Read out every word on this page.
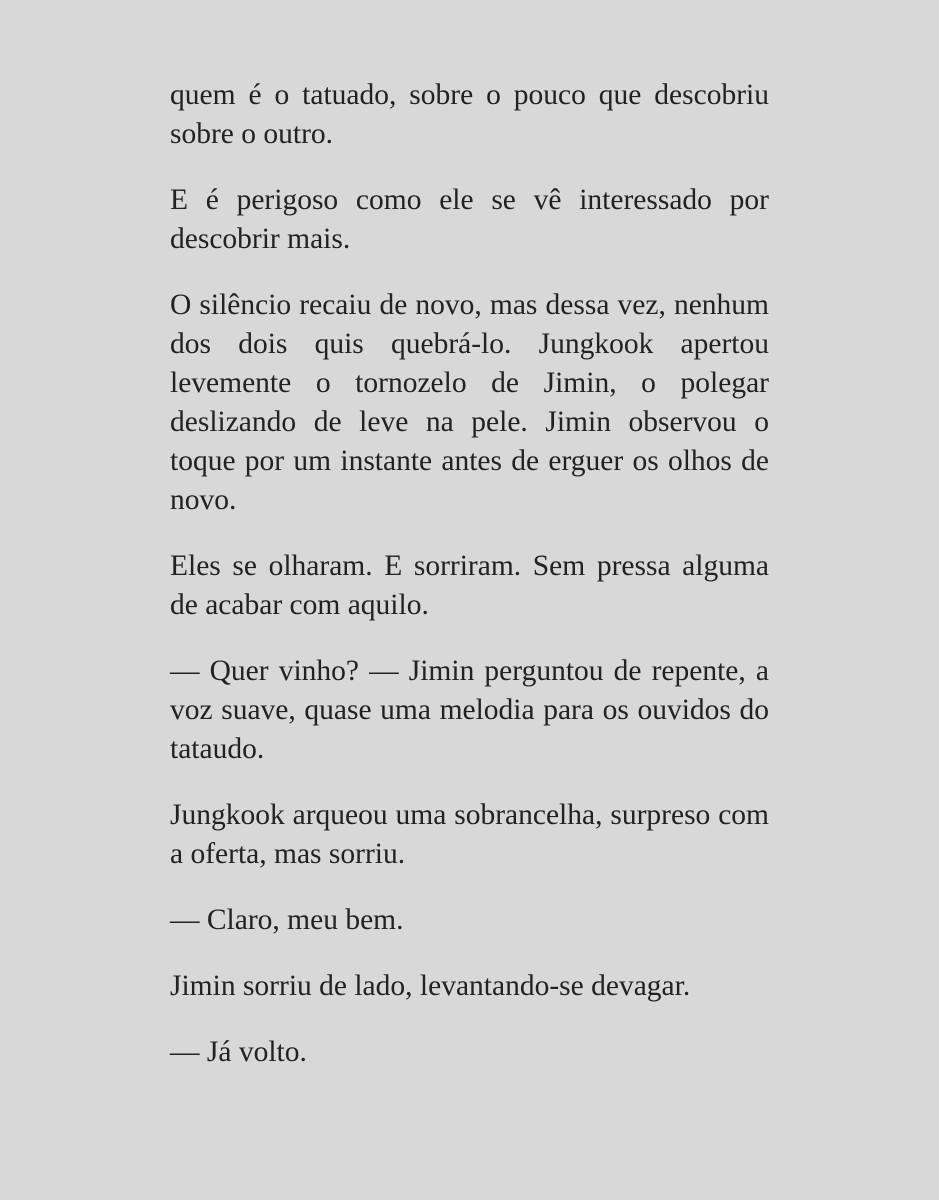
quem é o tatuado, sobre o pouco que descobriu sobre o outro.

E é perigoso como ele se vê interessado por descobrir mais.

O silêncio recaiu de novo, mas dessa vez, nenhum dos dois quis quebrá-lo. Jungkook apertou levemente o tornozelo de Jimin, o polegar deslizando de leve na pele. Jimin observou o toque por um instante antes de erguer os olhos de novo.

Eles se olharam. E sorriram. Sem pressa alguma de acabar com aquilo.

— Quer vinho? — Jimin perguntou de repente, a voz suave, quase uma melodia para os ouvidos do tataudo.

Jungkook arqueou uma sobrancelha, surpreso com a oferta, mas sorriu.

— Claro, meu bem.

Jimin sorriu de lado, levantando-se devagar.

— Já volto.
